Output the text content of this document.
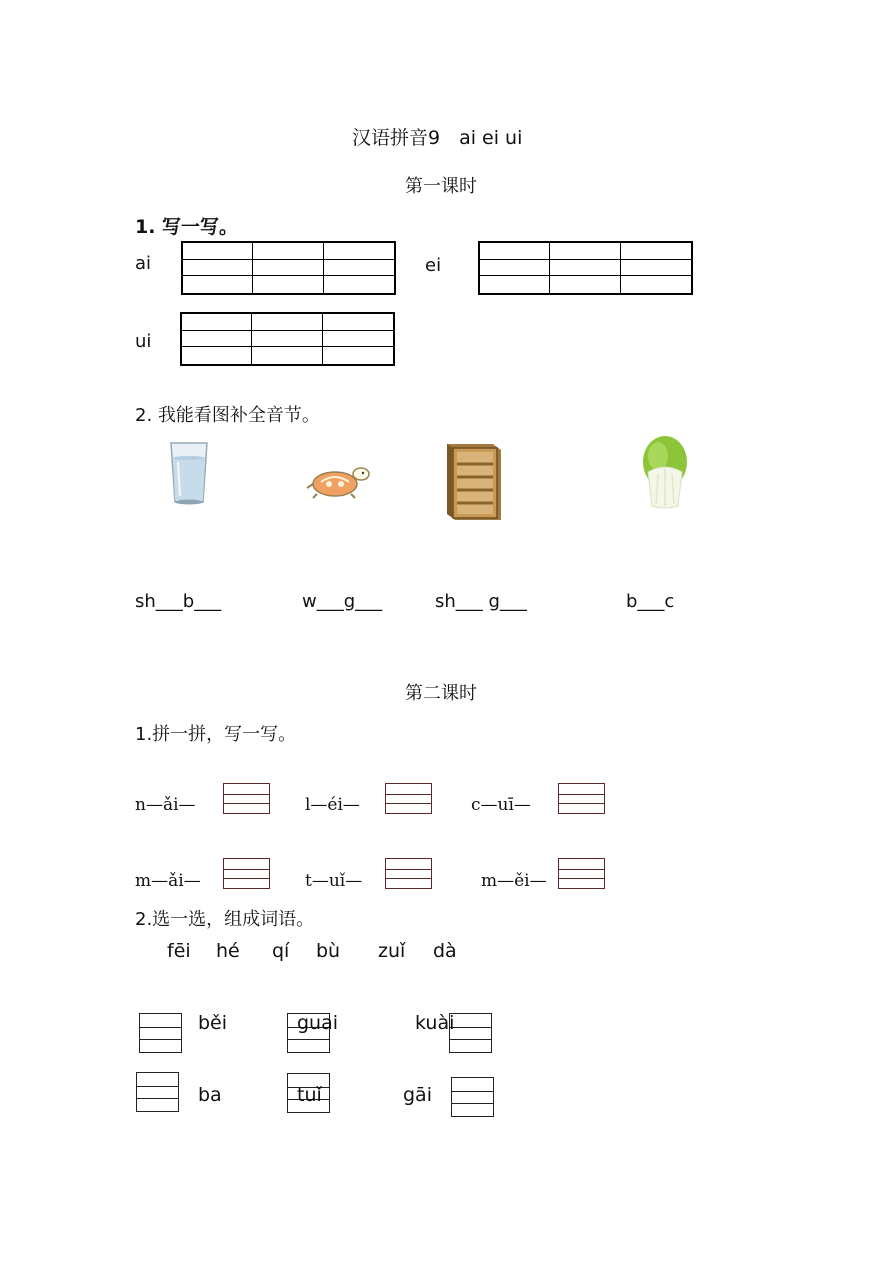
汉语拼音9　ai ei ui
第一课时
1. 写一写。
ai	ei
ui
2. 我能看图补全音节。
sh___b___	w___g___	sh___ g___	b___c
第二课时
1.拼一拼，写一写。
n—ǎi—	l—éi—	c—uī—
m—ǎi—	t—uǐ—	m—ěi—
2.选一选，组成词语。
fēi hé qí bù zuǐ dà
běi	guai	kuài
ba	tuǐ	gāi
